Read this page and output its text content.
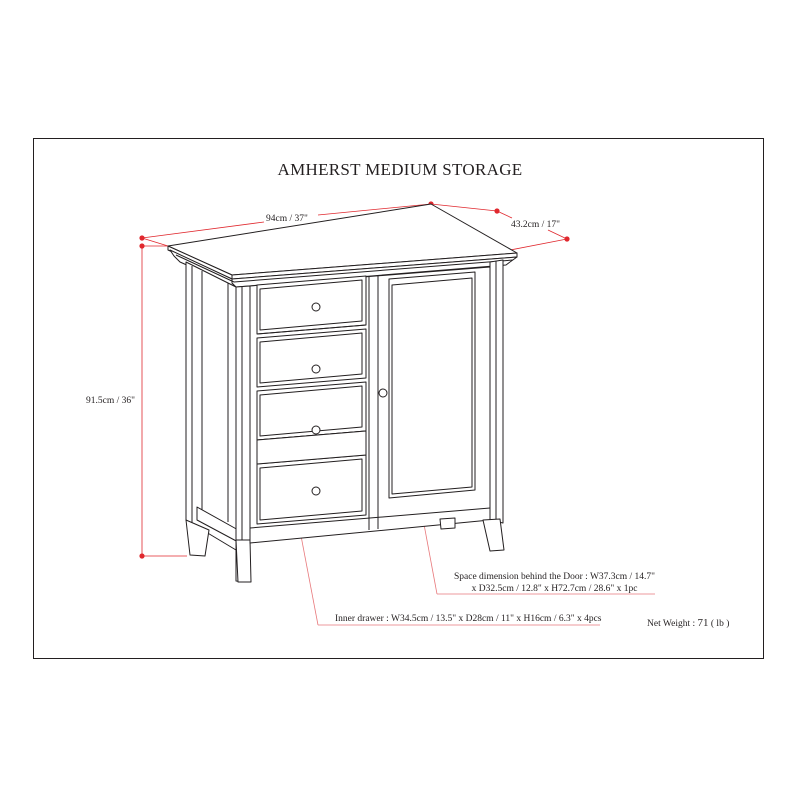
AMHERST MEDIUM STORAGE
94cm / 37"
43.2cm / 17"
91.5cm / 36"
Space dimension behind the Door : W37.3cm / 14.7"
x D32.5cm / 12.8" x H72.7cm / 28.6" x 1pc
Inner drawer : W34.5cm / 13.5" x D28cm / 11" x H16cm / 6.3" x 4pcs	Net Weight : 71 ( lb )
